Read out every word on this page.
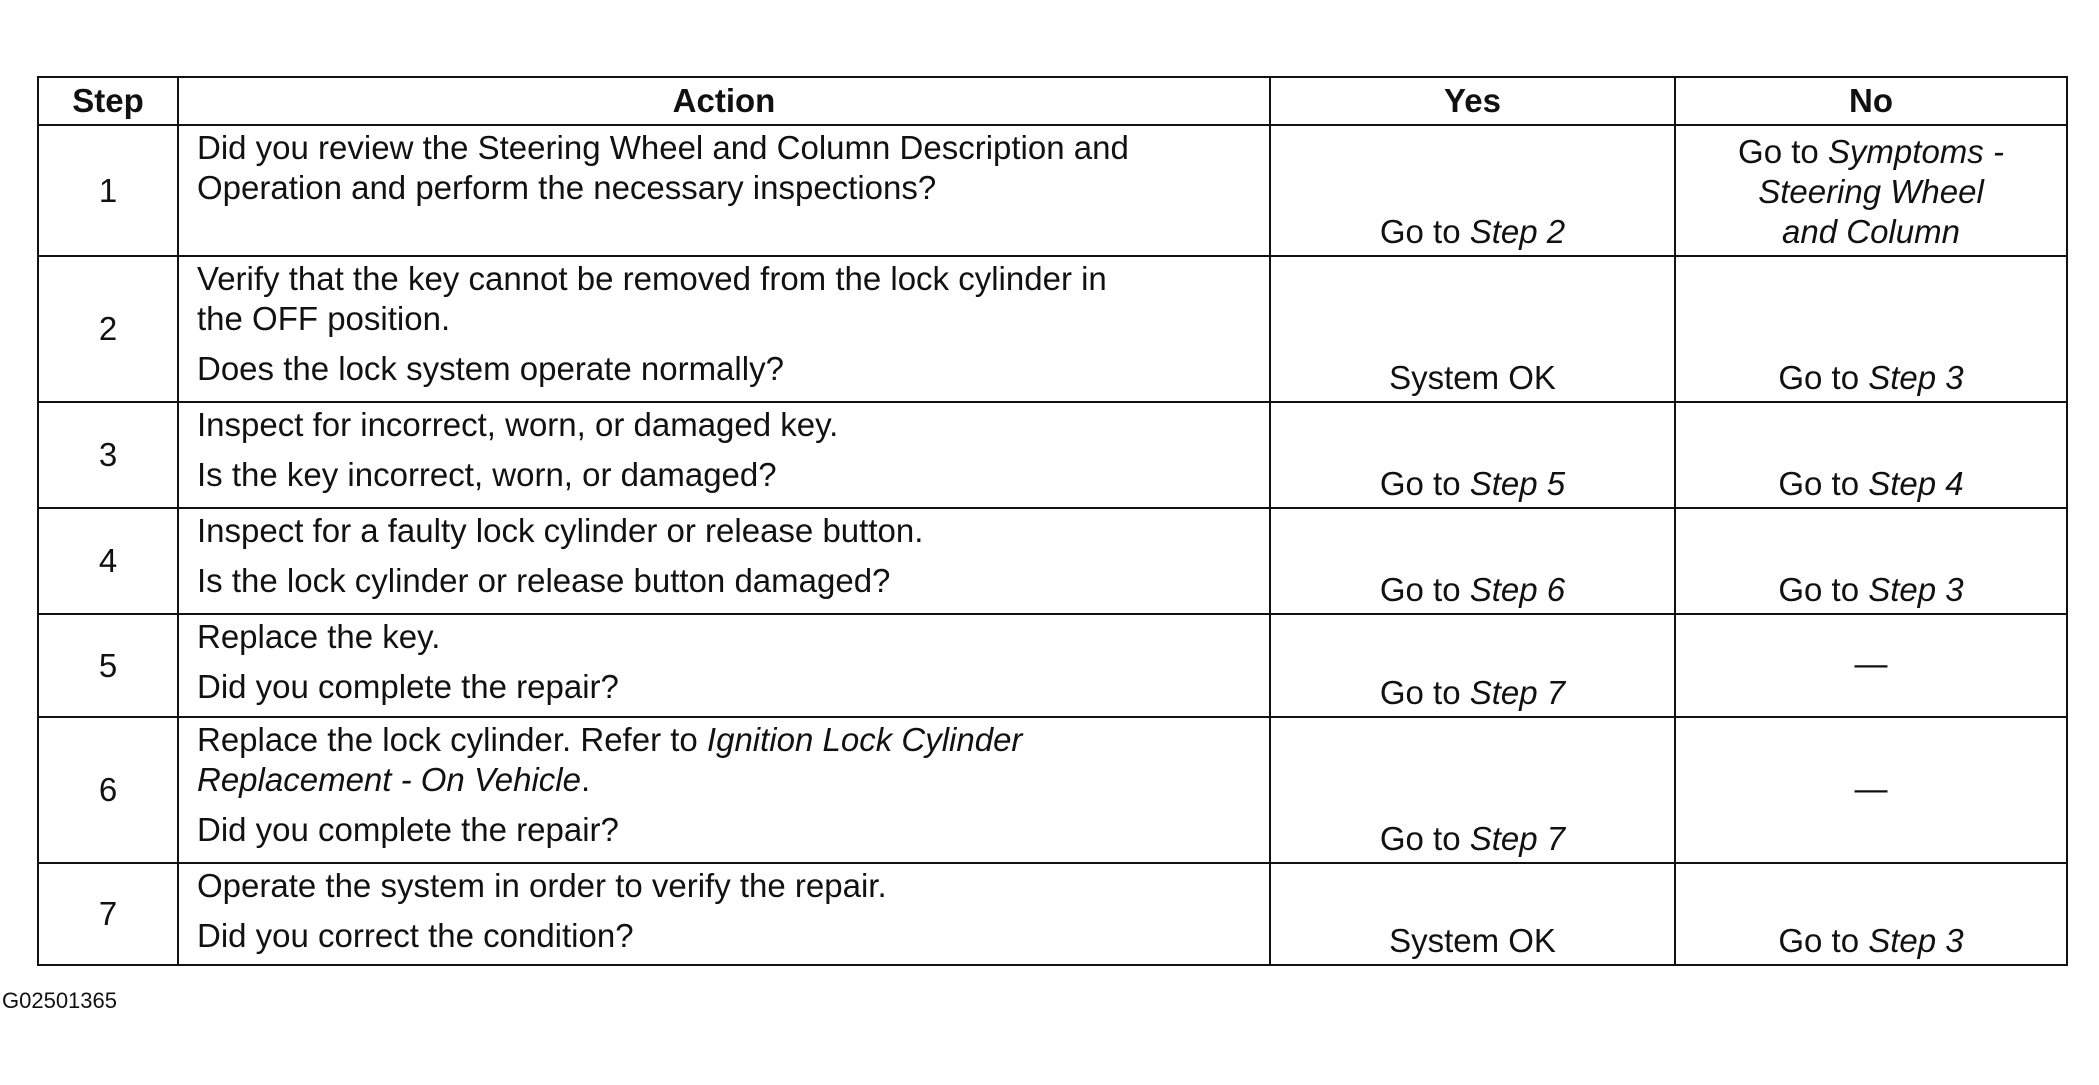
Step	Action	Yes	No
1	Did you review the Steering Wheel and Column Description and
Operation and perform the necessary inspections?	Go to Step 2	Go to Symptoms -
Steering Wheel
and Column
2	Verify that the key cannot be removed from the lock cylinder in
the OFF position.
Does the lock system operate normally?	System OK	Go to Step 3
3	Inspect for incorrect, worn, or damaged key.
Is the key incorrect, worn, or damaged?	Go to Step 5	Go to Step 4
4	Inspect for a faulty lock cylinder or release button.
Is the lock cylinder or release button damaged?	Go to Step 6	Go to Step 3
5	Replace the key.
Did you complete the repair?	Go to Step 7	—
6	Replace the lock cylinder. Refer to Ignition Lock Cylinder
Replacement - On Vehicle.
Did you complete the repair?	Go to Step 7	—
7	Operate the system in order to verify the repair.
Did you correct the condition?	System OK	Go to Step 3
G02501365
